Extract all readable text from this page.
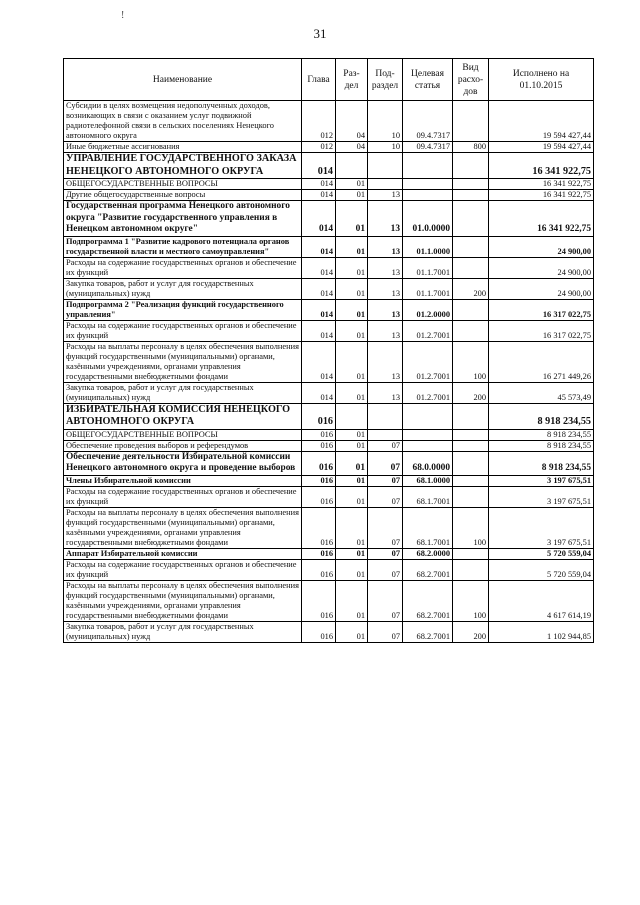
!
31
Наименование	Глава	Раз-дел	Под-раздел	Целевая статья	Вид расхо-дов	Исполнено на 01.10.2015
Субсидии в целях возмещения недополученных доходов, возникающих в связи с оказанием услуг подвижной радиотелефонной связи в сельских поселениях Ненецкого автономного округа	012	04	10	09.4.7317		19 594 427,44
Иные бюджетные ассигнования	012	04	10	09.4.7317	800	19 594 427,44
УПРАВЛЕНИЕ ГОСУДАРСТВЕННОГО ЗАКАЗА НЕНЕЦКОГО АВТОНОМНОГО ОКРУГА	014					16 341 922,75
ОБЩЕГОСУДАРСТВЕННЫЕ ВОПРОСЫ	014	01				16 341 922,75
Другие общегосударственные вопросы	014	01	13			16 341 922,75
Государственная программа Ненецкого автономного округа "Развитие государственного управления в Ненецком автономном округе"	014	01	13	01.0.0000		16 341 922,75
Подпрограмма 1 "Развитие кадрового потенциала органов государственной власти и местного самоуправления"	014	01	13	01.1.0000		24 900,00
Расходы на содержание государственных органов и обеспечение их функций	014	01	13	01.1.7001		24 900,00
Закупка товаров, работ и услуг для государственных (муниципальных) нужд	014	01	13	01.1.7001	200	24 900,00
Подпрограмма 2 "Реализация функций государственного управления"	014	01	13	01.2.0000		16 317 022,75
Расходы на содержание государственных органов и обеспечение их функций	014	01	13	01.2.7001		16 317 022,75
Расходы на выплаты персоналу в целях обеспечения выполнения функций государственными (муниципальными) органами, казёнными учреждениями, органами управления государственными внебюджетными фондами	014	01	13	01.2.7001	100	16 271 449,26
Закупка товаров, работ и услуг для государственных (муниципальных) нужд	014	01	13	01.2.7001	200	45 573,49
ИЗБИРАТЕЛЬНАЯ КОМИССИЯ НЕНЕЦКОГО АВТОНОМНОГО ОКРУГА	016					8 918 234,55
ОБЩЕГОСУДАРСТВЕННЫЕ ВОПРОСЫ	016	01				8 918 234,55
Обеспечение проведения выборов и референдумов	016	01	07			8 918 234,55
Обеспечение деятельности Избирательной комиссии Ненецкого автономного округа и проведение выборов	016	01	07	68.0.0000		8 918 234,55
Члены Избирательной комиссии	016	01	07	68.1.0000		3 197 675,51
Расходы на содержание государственных органов и обеспечение их функций	016	01	07	68.1.7001		3 197 675,51
Расходы на выплаты персоналу в целях обеспечения выполнения функций государственными (муниципальными) органами, казёнными учреждениями, органами управления государственными внебюджетными фондами	016	01	07	68.1.7001	100	3 197 675,51
Аппарат Избирательной комиссии	016	01	07	68.2.0000		5 720 559,04
Расходы на содержание государственных органов и обеспечение их функций	016	01	07	68.2.7001		5 720 559,04
Расходы на выплаты персоналу в целях обеспечения выполнения функций государственными (муниципальными) органами, казёнными учреждениями, органами управления государственными внебюджетными фондами	016	01	07	68.2.7001	100	4 617 614,19
Закупка товаров, работ и услуг для государственных (муниципальных) нужд	016	01	07	68.2.7001	200	1 102 944,85
